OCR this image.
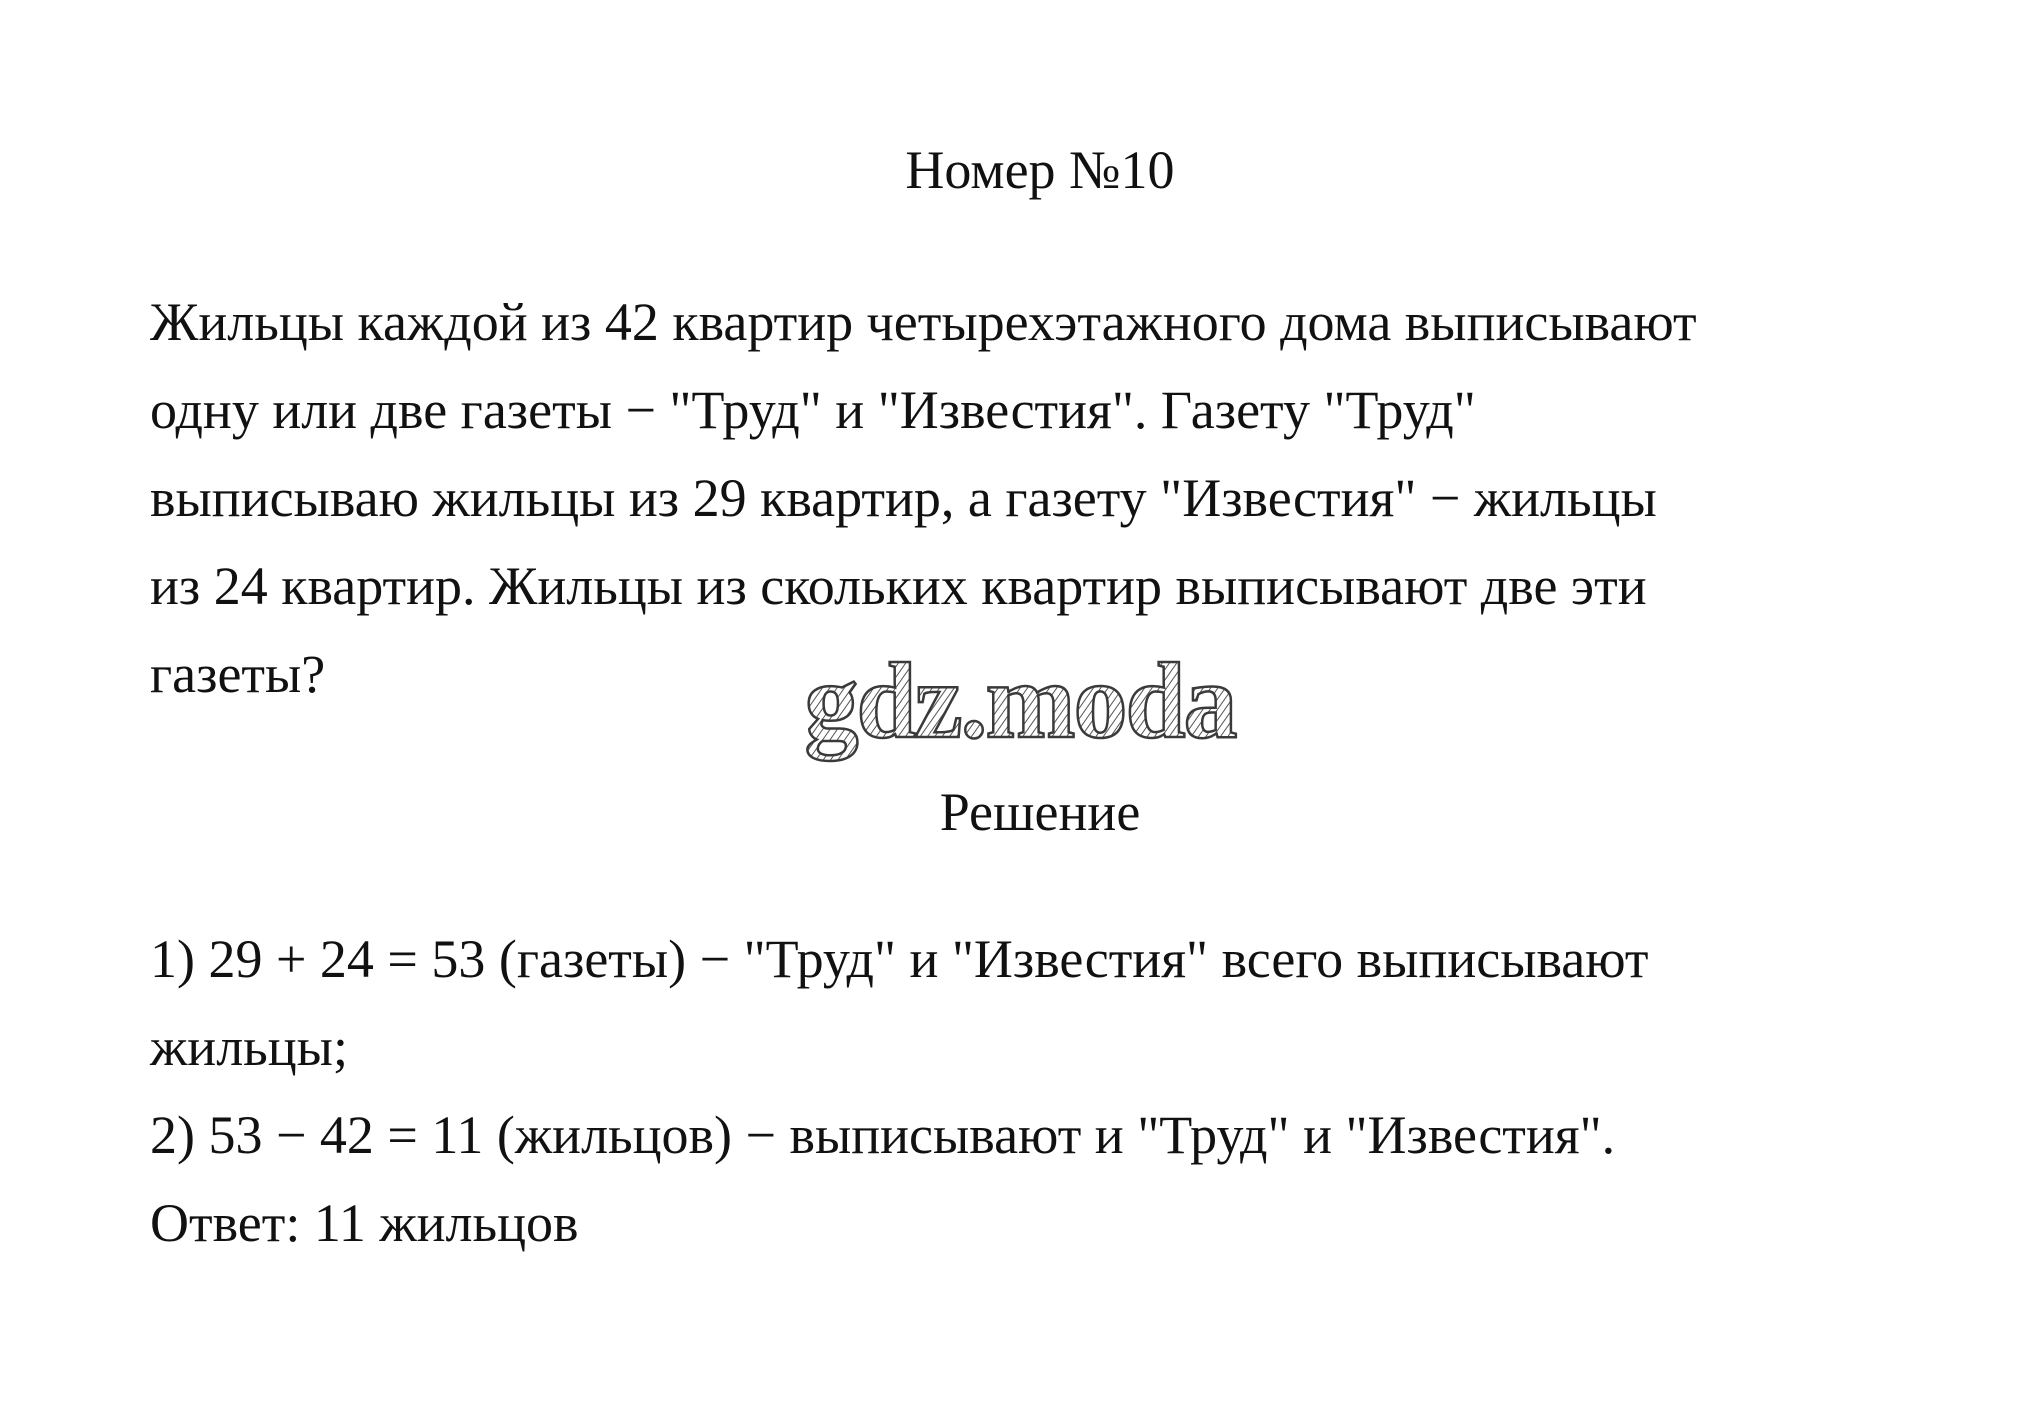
Номер №10
Жильцы каждой из 42 квартир четырехэтажного дома выписывают
одну или две газеты − "Труд" и "Известия". Газету "Труд"
выписываю жильцы из 29 квартир, а газету "Известия" − жильцы
из 24 квартир. Жильцы из скольких квартир выписывают две эти
газеты?	gdz.moda
Решение
1) 29 + 24 = 53 (газеты) − "Труд" и "Известия" всего выписывают
жильцы;
2) 53 − 42 = 11 (жильцов) − выписывают и "Труд" и "Известия".
Ответ: 11 жильцов
